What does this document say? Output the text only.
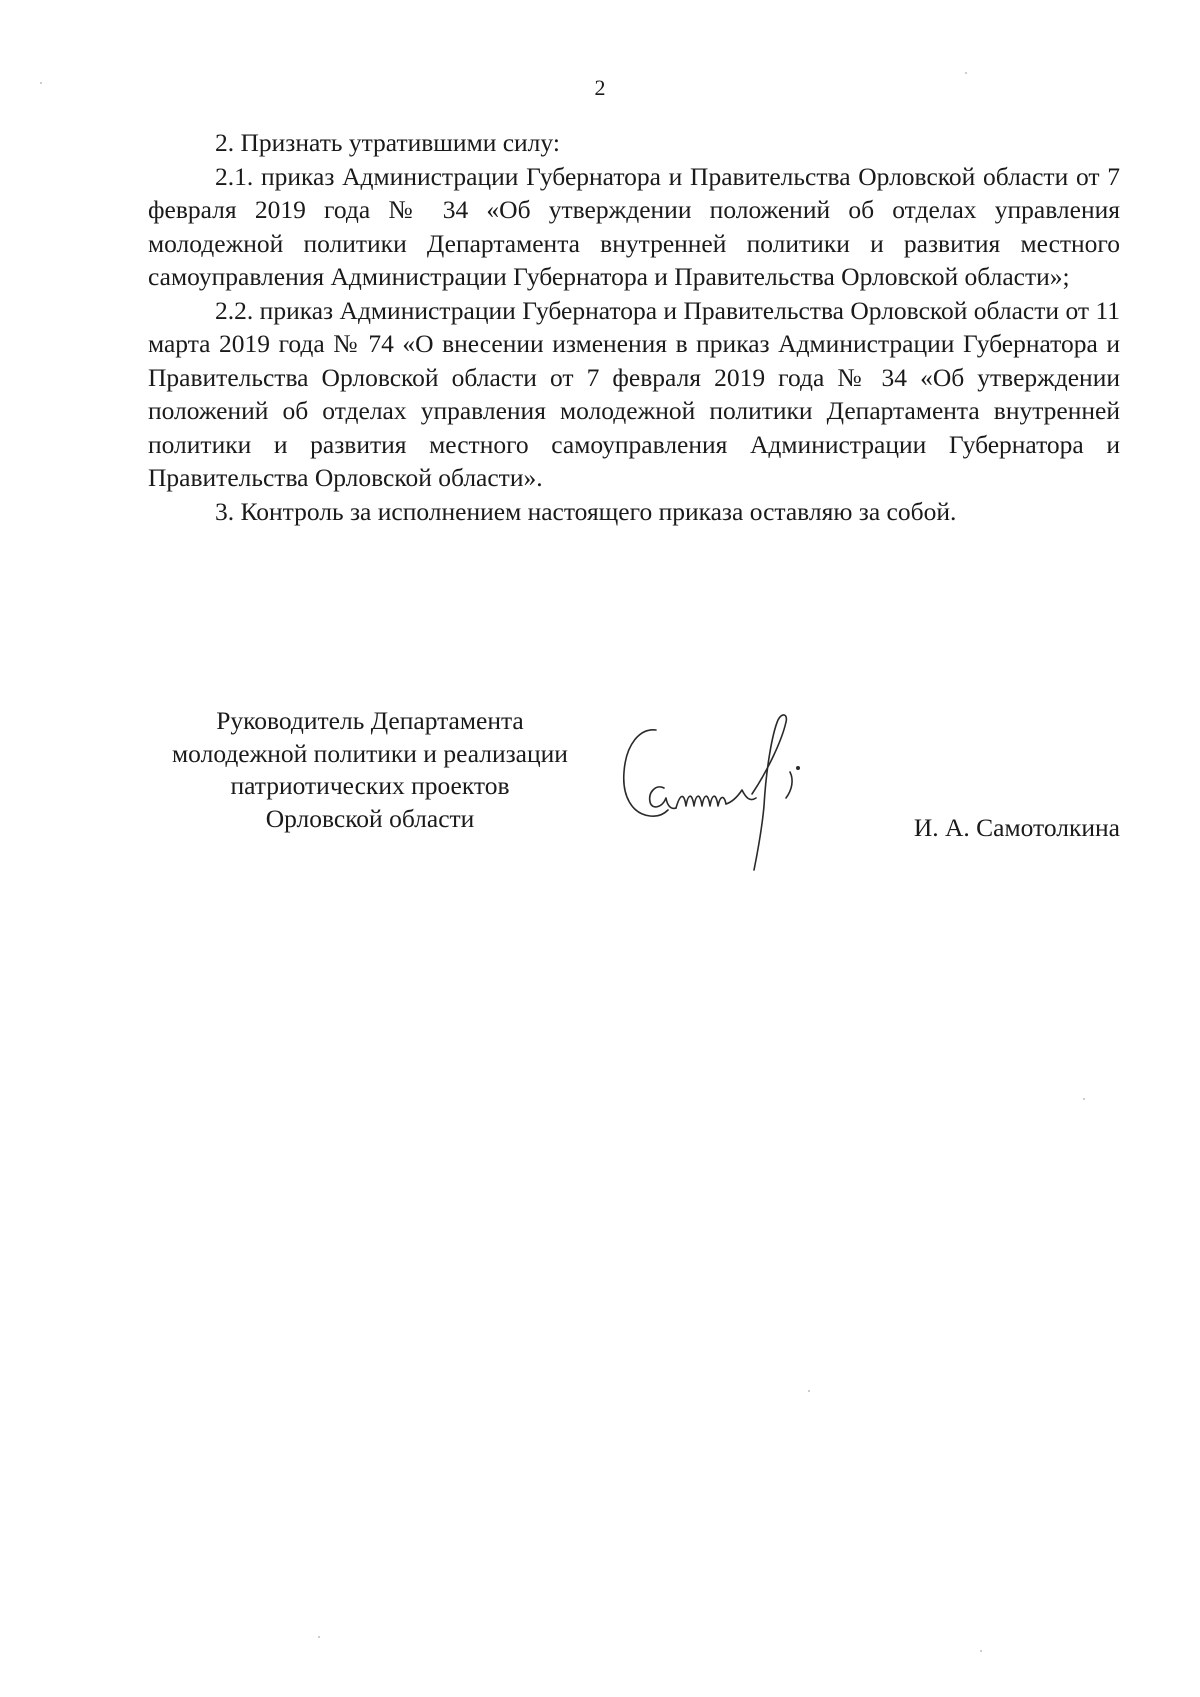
2

2. Признать утратившими силу:

2.1. приказ Администрации Губернатора и Правительства Орловской области от 7 февраля 2019 года № 34 «Об утверждении положений об отделах управления молодежной политики Департамента внутренней политики и развития местного самоуправления Администрации Губернатора и Правительства Орловской области»;

2.2. приказ Администрации Губернатора и Правительства Орловской области от 11 марта 2019 года № 74 «О внесении изменения в приказ Администрации Губернатора и Правительства Орловской области от 7 февраля 2019 года № 34 «Об утверждении положений об отделах управления молодежной политики Департамента внутренней политики и развития местного самоуправления Администрации Губернатора и Правительства Орловской области».

3. Контроль за исполнением настоящего приказа оставляю за собой.

Руководитель Департамента
молодежной политики и реализации
патриотических проектов
Орловской области	И. А. Самотолкина
